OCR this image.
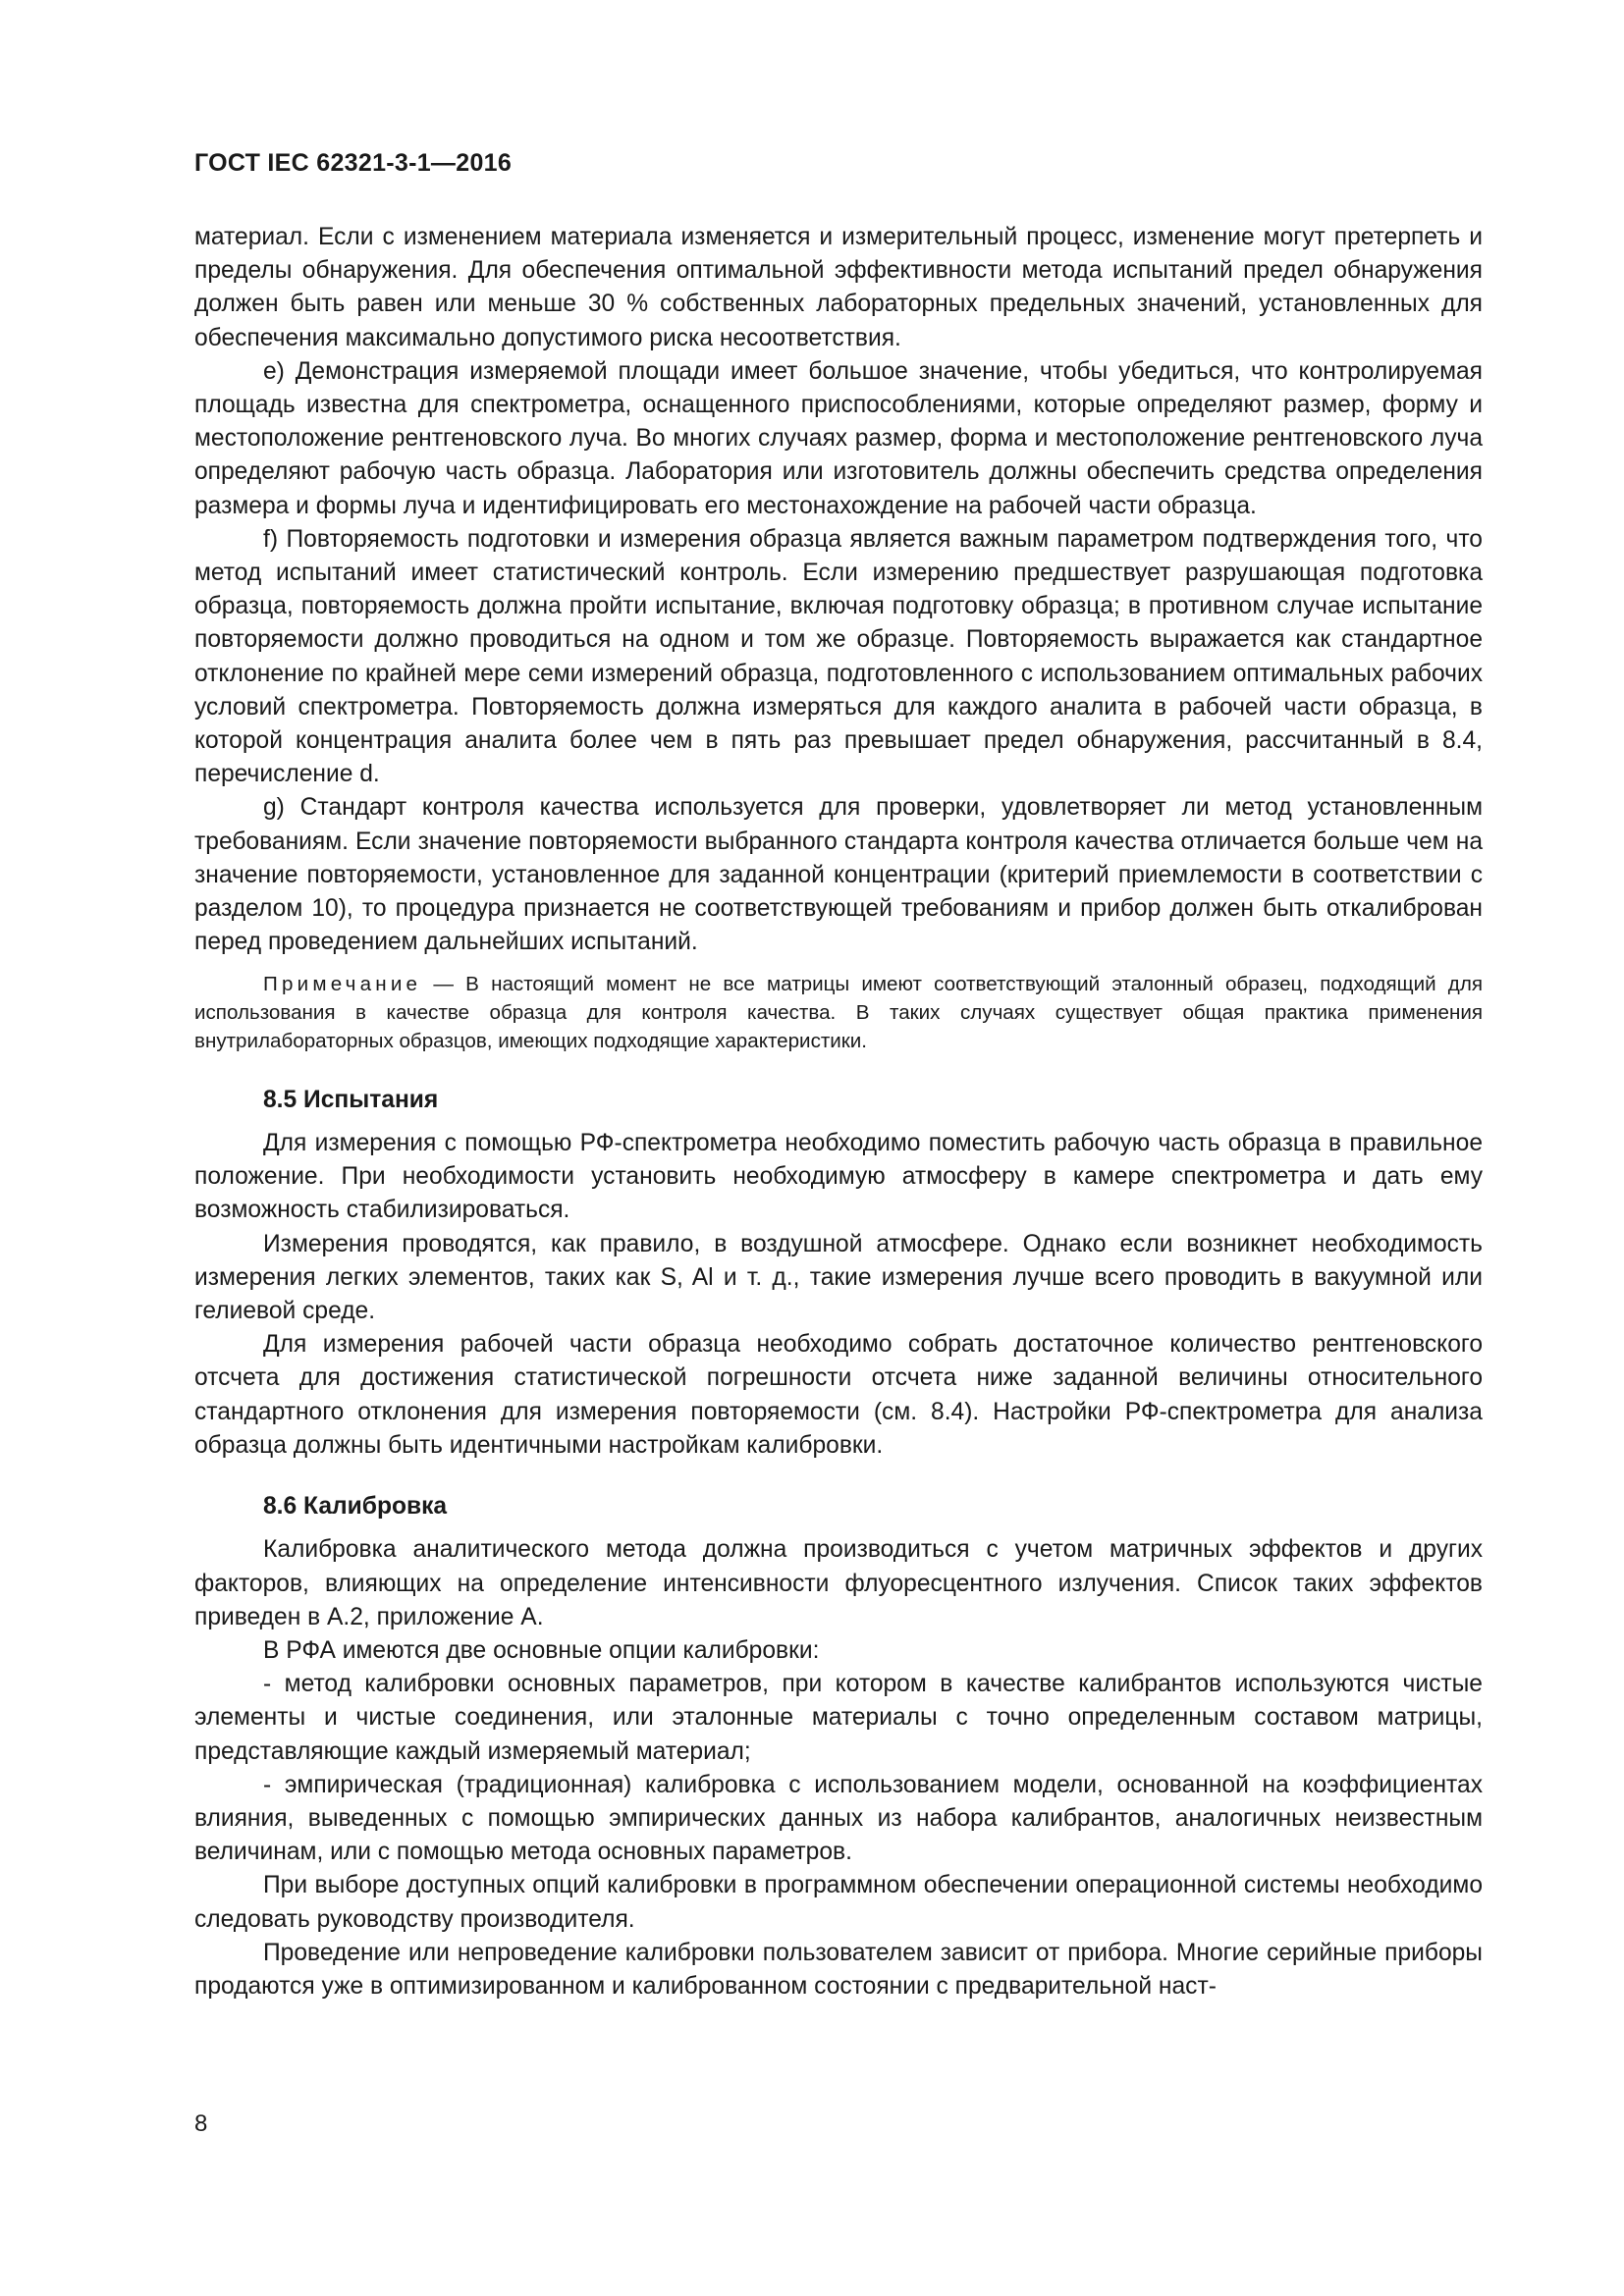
ГОСТ IEC 62321-3-1—2016

материал. Если с изменением материала изменяется и измерительный процесс, изменение могут претерпеть и пределы обнаружения. Для обеспечения оптимальной эффективности метода испытаний предел обнаружения должен быть равен или меньше 30 % собственных лабораторных предельных значений, установленных для обеспечения максимально допустимого риска несоответствия.

е) Демонстрация измеряемой площади имеет большое значение, чтобы убедиться, что контролируемая площадь известна для спектрометра, оснащенного приспособлениями, которые определяют размер, форму и местоположение рентгеновского луча. Во многих случаях размер, форма и местоположение рентгеновского луча определяют рабочую часть образца. Лаборатория или изготовитель должны обеспечить средства определения размера и формы луча и идентифицировать его местонахождение на рабочей части образца.

f) Повторяемость подготовки и измерения образца является важным параметром подтверждения того, что метод испытаний имеет статистический контроль. Если измерению предшествует разрушающая подготовка образца, повторяемость должна пройти испытание, включая подготовку образца; в противном случае испытание повторяемости должно проводиться на одном и том же образце. Повторяемость выражается как стандартное отклонение по крайней мере семи измерений образца, подготовленного с использованием оптимальных рабочих условий спектрометра. Повторяемость должна измеряться для каждого аналита в рабочей части образца, в которой концентрация аналита более чем в пять раз превышает предел обнаружения, рассчитанный в 8.4, перечисление d.

g) Стандарт контроля качества используется для проверки, удовлетворяет ли метод установленным требованиям. Если значение повторяемости выбранного стандарта контроля качества отличается больше чем на значение повторяемости, установленное для заданной концентрации (критерий приемлемости в соответствии с разделом 10), то процедура признается не соответствующей требованиям и прибор должен быть откалиброван перед проведением дальнейших испытаний.

Примечание — В настоящий момент не все матрицы имеют соответствующий эталонный образец, подходящий для использования в качестве образца для контроля качества. В таких случаях существует общая практика применения внутрилабораторных образцов, имеющих подходящие характеристики.

8.5 Испытания

Для измерения с помощью РФ-спектрометра необходимо поместить рабочую часть образца в правильное положение. При необходимости установить необходимую атмосферу в камере спектрометра и дать ему возможность стабилизироваться.

Измерения проводятся, как правило, в воздушной атмосфере. Однако если возникнет необходимость измерения легких элементов, таких как S, Al и т. д., такие измерения лучше всего проводить в вакуумной или гелиевой среде.

Для измерения рабочей части образца необходимо собрать достаточное количество рентгеновского отсчета для достижения статистической погрешности отсчета ниже заданной величины относительного стандартного отклонения для измерения повторяемости (см. 8.4). Настройки РФ-спектрометра для анализа образца должны быть идентичными настройкам калибровки.

8.6 Калибровка

Калибровка аналитического метода должна производиться с учетом матричных эффектов и других факторов, влияющих на определение интенсивности флуоресцентного излучения. Список таких эффектов приведен в А.2, приложение А.

В РФА имеются две основные опции калибровки:

- метод калибровки основных параметров, при котором в качестве калибрантов используются чистые элементы и чистые соединения, или эталонные материалы с точно определенным составом матрицы, представляющие каждый измеряемый материал;

- эмпирическая (традиционная) калибровка с использованием модели, основанной на коэффициентах влияния, выведенных с помощью эмпирических данных из набора калибрантов, аналогичных неизвестным величинам, или с помощью метода основных параметров.

При выборе доступных опций калибровки в программном обеспечении операционной системы необходимо следовать руководству производителя.

Проведение или непроведение калибровки пользователем зависит от прибора. Многие серийные приборы продаются уже в оптимизированном и калиброванном состоянии с предварительной наст-

8
